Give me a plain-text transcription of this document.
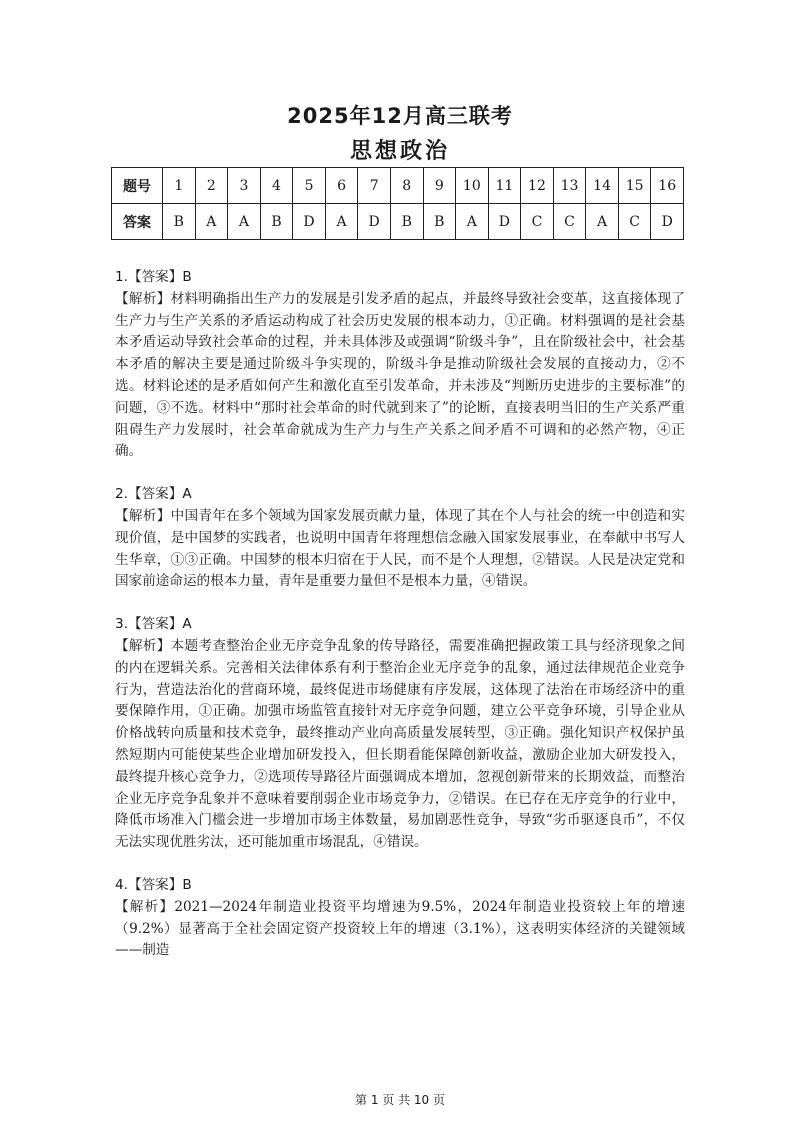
2025年12月高三联考
思想政治
题号	1	2	3	4	5	6	7	8	9	10	11	12	13	14	15	16
答案	B	A	A	B	D	A	D	B	B	A	D	C	C	A	C	D
1.【答案】B

【解析】材料明确指出生产力的发展是引发矛盾的起点，并最终导致社会变革，这直接体现了生产力与生产关系的矛盾运动构成了社会历史发展的根本动力，①正确。材料强调的是社会基本矛盾运动导致社会革命的过程，并未具体涉及或强调“阶级斗争”，且在阶级社会中，社会基本矛盾的解决主要是通过阶级斗争实现的，阶级斗争是推动阶级社会发展的直接动力，②不选。材料论述的是矛盾如何产生和激化直至引发革命，并未涉及“判断历史进步的主要标准”的问题，③不选。材料中“那时社会革命的时代就到来了”的论断，直接表明当旧的生产关系严重阻碍生产力发展时，社会革命就成为生产力与生产关系之间矛盾不可调和的必然产物，④正确。

2.【答案】A

【解析】中国青年在多个领域为国家发展贡献力量，体现了其在个人与社会的统一中创造和实现价值，是中国梦的实践者，也说明中国青年将理想信念融入国家发展事业，在奉献中书写人生华章，①③正确。中国梦的根本归宿在于人民，而不是个人理想，②错误。人民是决定党和国家前途命运的根本力量，青年是重要力量但不是根本力量，④错误。

3.【答案】A

【解析】本题考查整治企业无序竞争乱象的传导路径，需要准确把握政策工具与经济现象之间的内在逻辑关系。完善相关法律体系有利于整治企业无序竞争的乱象，通过法律规范企业竞争行为，营造法治化的营商环境，最终促进市场健康有序发展，这体现了法治在市场经济中的重要保障作用，①正确。加强市场监管直接针对无序竞争问题，建立公平竞争环境，引导企业从价格战转向质量和技术竞争，最终推动产业向高质量发展转型，③正确。强化知识产权保护虽然短期内可能使某些企业增加研发投入，但长期看能保障创新收益，激励企业加大研发投入，最终提升核心竞争力，②选项传导路径片面强调成本增加，忽视创新带来的长期效益，而整治企业无序竞争乱象并不意味着要削弱企业市场竞争力，②错误。在已存在无序竞争的行业中，降低市场准入门槛会进一步增加市场主体数量，易加剧恶性竞争，导致“劣币驱逐良币”，不仅无法实现优胜劣汰，还可能加重市场混乱，④错误。

4.【答案】B

【解析】2021—2024年制造业投资平均增速为9.5%，2024年制造业投资较上年的增速（9.2%）显著高于全社会固定资产投资较上年的增速（3.1%），这表明实体经济的关键领域——制造

第 1 页 共 10 页
